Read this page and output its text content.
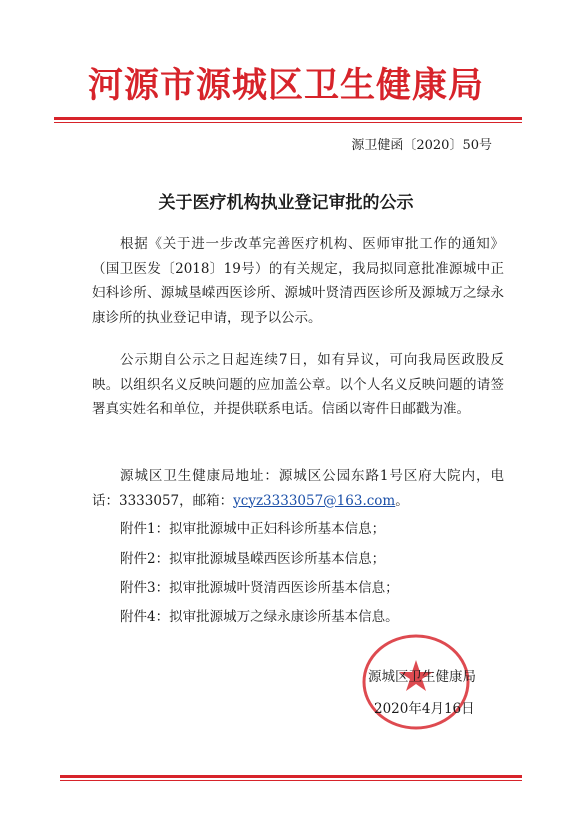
河源市源城区卫生健康局
源卫健函〔2020〕50号
关于医疗机构执业登记审批的公示

根据《关于进一步改革完善医疗机构、医师审批工作的通知》（国卫医发〔2018〕19号）的有关规定，我局拟同意批准源城中正妇科诊所、源城垦嵘西医诊所、源城叶贤清西医诊所及源城万之绿永康诊所的执业登记申请，现予以公示。

公示期自公示之日起连续7日，如有异议，可向我局医政股反映。以组织名义反映问题的应加盖公章。以个人名义反映问题的请签署真实姓名和单位，并提供联系电话。信函以寄件日邮戳为准。

源城区卫生健康局地址：源城区公园东路1号区府大院内，电话：3333057，邮箱：ycyz3333057@163.com。

附件1：拟审批源城中正妇科诊所基本信息；
附件2：拟审批源城垦嵘西医诊所基本信息；
附件3：拟审批源城叶贤清西医诊所基本信息；
附件4：拟审批源城万之绿永康诊所基本信息。
源城区卫生健康局
2020年4月16日
